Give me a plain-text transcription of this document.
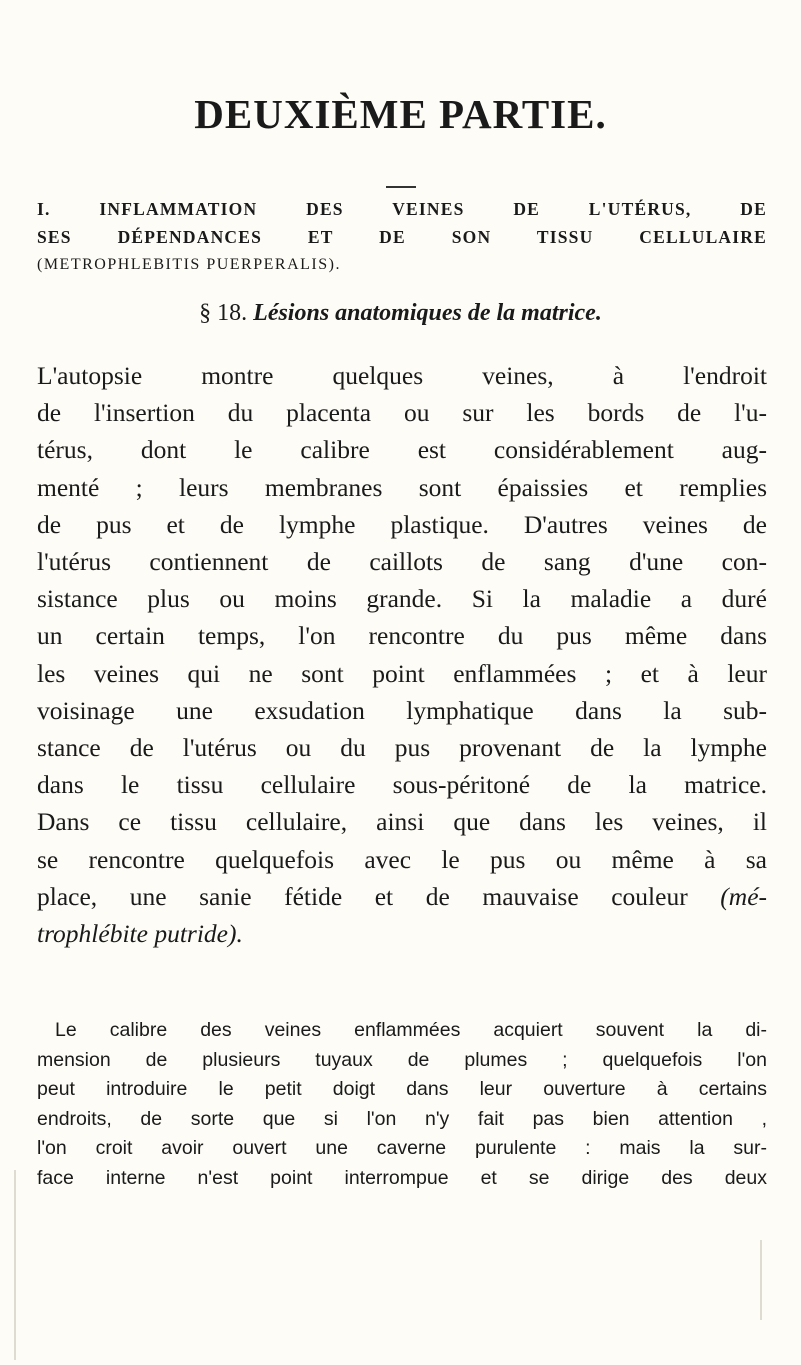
DEUXIÈME PARTIE.
I.	INFLAMMATION DES VEINES DE L'UTÉRUS, DE
SES DÉPENDANCES ET DE SON TISSU CELLULAIRE
(METROPHLEBITIS PUERPERALIS).
§ 18. Lésions anatomiques de la matrice.
L'autopsie montre quelques veines, à l'endroit
de l'insertion du placenta ou sur les bords de l'u-
térus, dont le calibre est considérablement aug-
menté ; leurs membranes sont épaissies et remplies
de pus et de lymphe plastique. D'autres veines de
l'utérus contiennent de caillots de sang d'une con-
sistance plus ou moins grande. Si la maladie a duré
un certain temps, l'on rencontre du pus même dans
les veines qui ne sont point enflammées ; et à leur
voisinage une exsudation lymphatique dans la sub-
stance de l'utérus ou du pus provenant de la lymphe
dans le tissu cellulaire sous-péritoné de la matrice.
Dans ce tissu cellulaire, ainsi que dans les veines, il
se rencontre quelquefois avec le pus ou même à sa
place, une sanie fétide et de mauvaise couleur (mé-
trophlébite putride).
Le calibre des veines enflammées acquiert souvent la di-
mension de plusieurs tuyaux de plumes ; quelquefois l'on
peut introduire le petit doigt dans leur ouverture à certains
endroits, de sorte que si l'on n'y fait pas bien attention ,
l'on croit avoir ouvert une caverne purulente : mais la sur-
face interne n'est point interrompue et se dirige des deux
